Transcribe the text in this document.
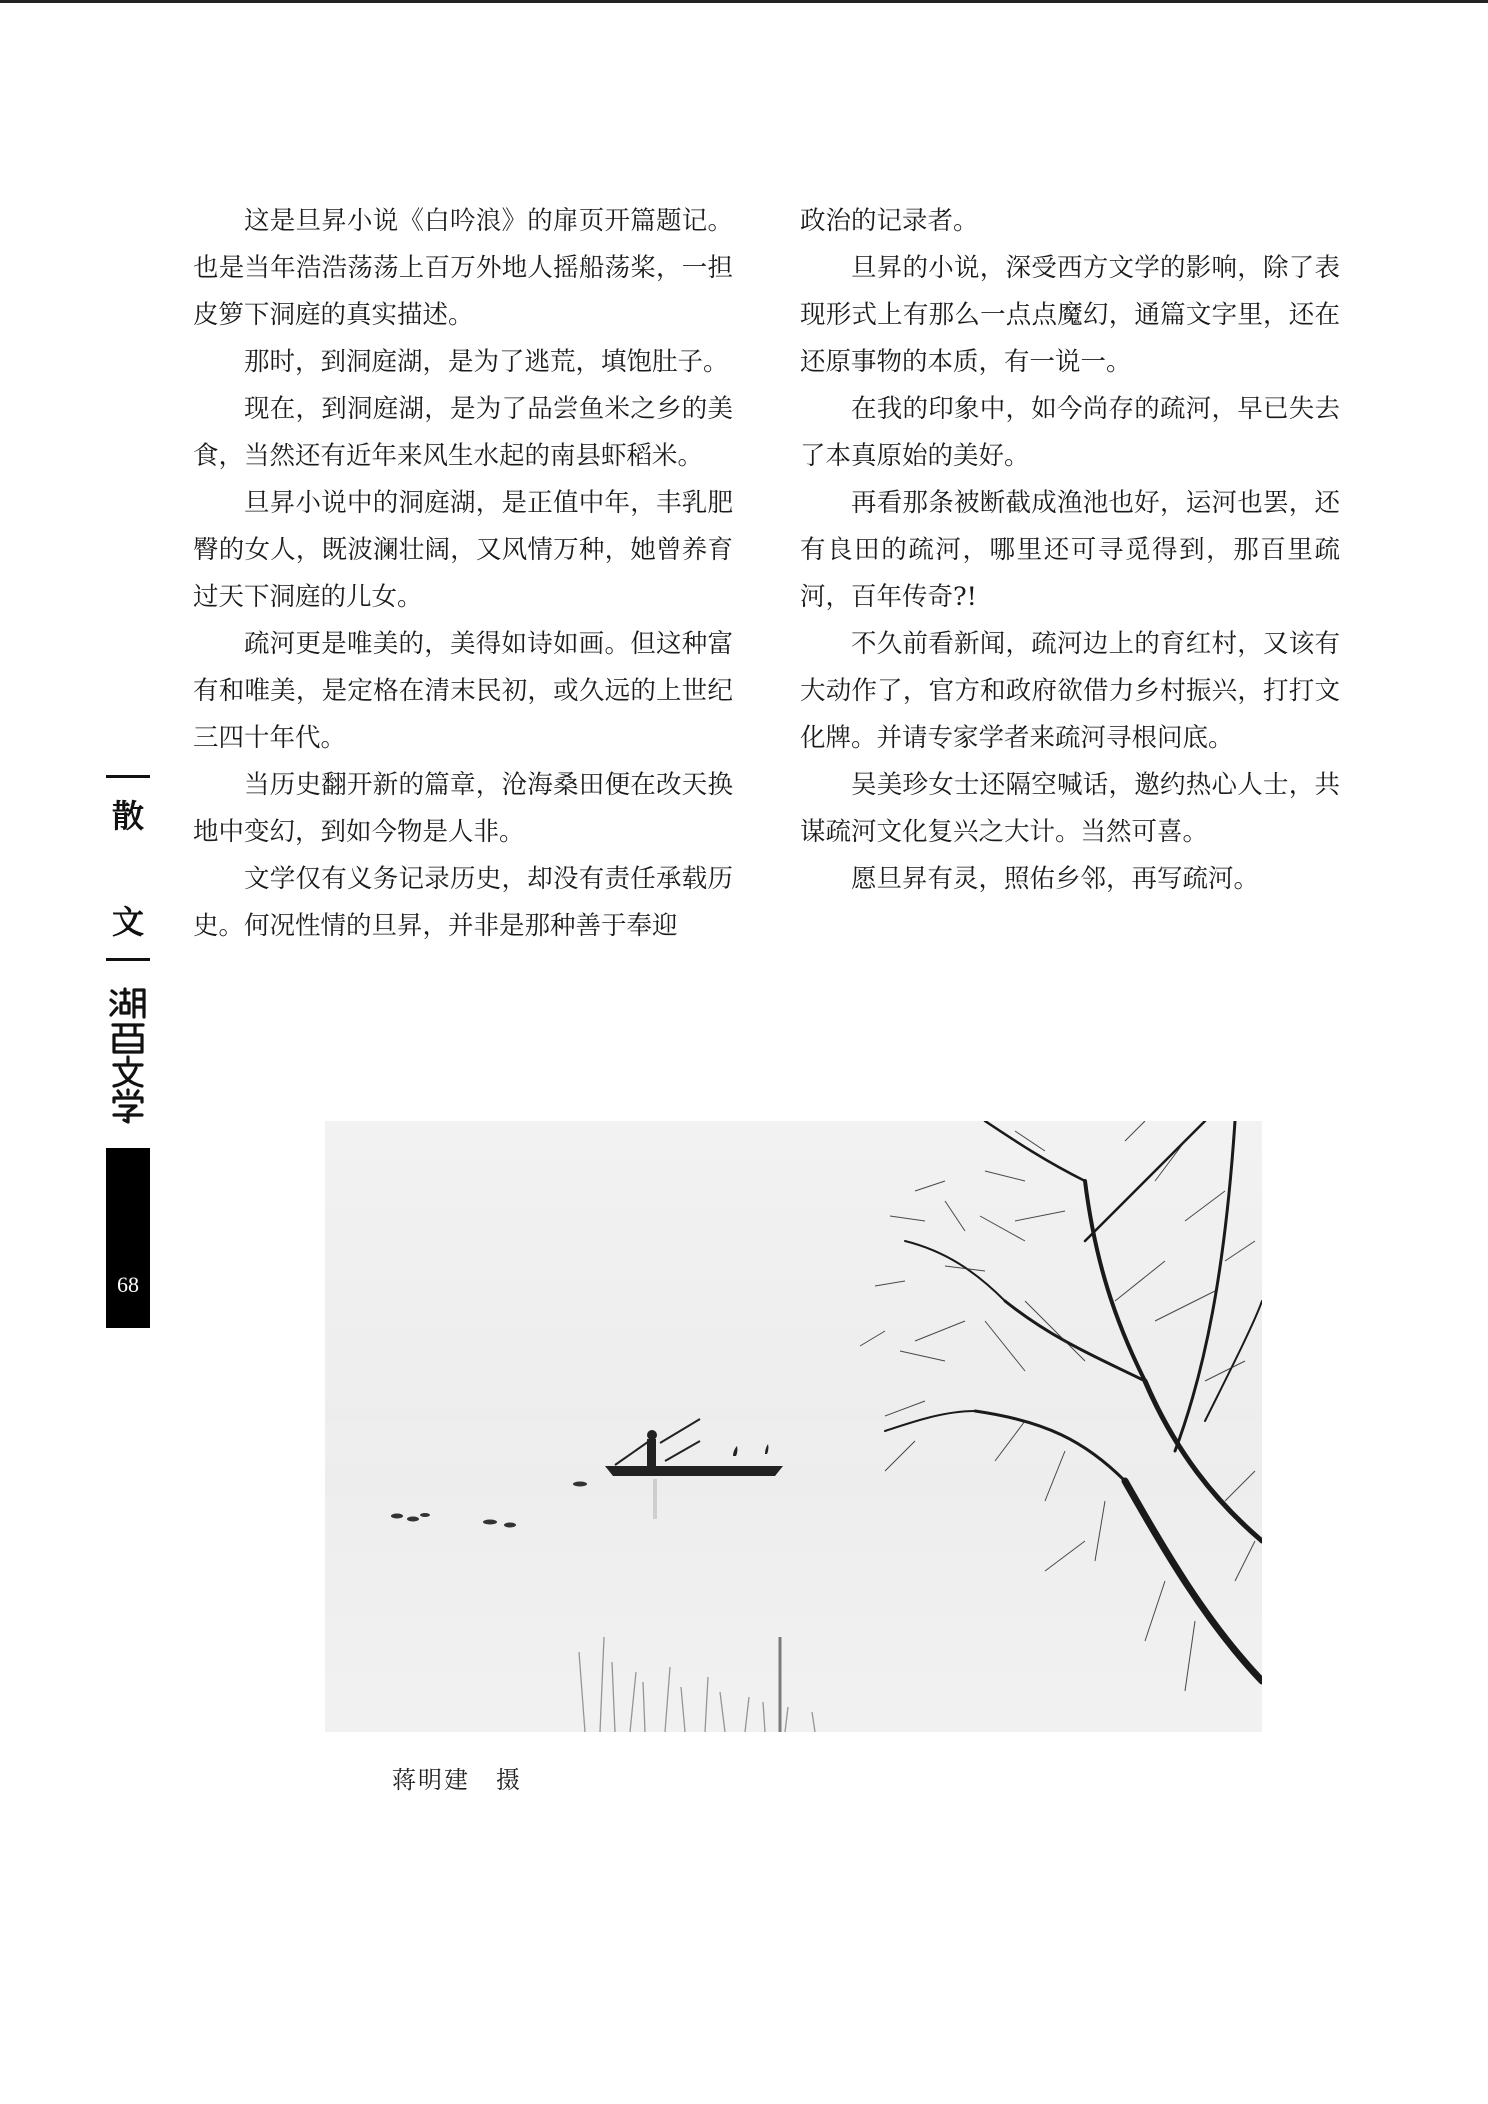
这是旦昇小说《白吟浪》的扉页开篇题记。也是当年浩浩荡荡上百万外地人摇船荡桨，一担皮箩下洞庭的真实描述。

那时，到洞庭湖，是为了逃荒，填饱肚子。

现在，到洞庭湖，是为了品尝鱼米之乡的美食，当然还有近年来风生水起的南县虾稻米。

旦昇小说中的洞庭湖，是正值中年，丰乳肥臀的女人，既波澜壮阔，又风情万种，她曾养育过天下洞庭的儿女。

疏河更是唯美的，美得如诗如画。但这种富有和唯美，是定格在清末民初，或久远的上世纪三四十年代。

当历史翻开新的篇章，沧海桑田便在改天换地中变幻，到如今物是人非。

文学仅有义务记录历史，却没有责任承载历史。何况性情的旦昇，并非是那种善于奉迎

政治的记录者。

旦昇的小说，深受西方文学的影响，除了表现形式上有那么一点点魔幻，通篇文字里，还在还原事物的本质，有一说一。

在我的印象中，如今尚存的疏河，早已失去了本真原始的美好。

再看那条被断截成渔池也好，运河也罢，还有良田的疏河，哪里还可寻觅得到，那百里疏河，百年传奇?!

不久前看新闻，疏河边上的育红村，又该有大动作了，官方和政府欲借力乡村振兴，打打文化牌。并请专家学者来疏河寻根问底。

吴美珍女士还隔空喊话，邀约热心人士，共谋疏河文化复兴之大计。当然可喜。

愿旦昇有灵，照佑乡邻，再写疏河。

散
文
68
蒋明建　摄
